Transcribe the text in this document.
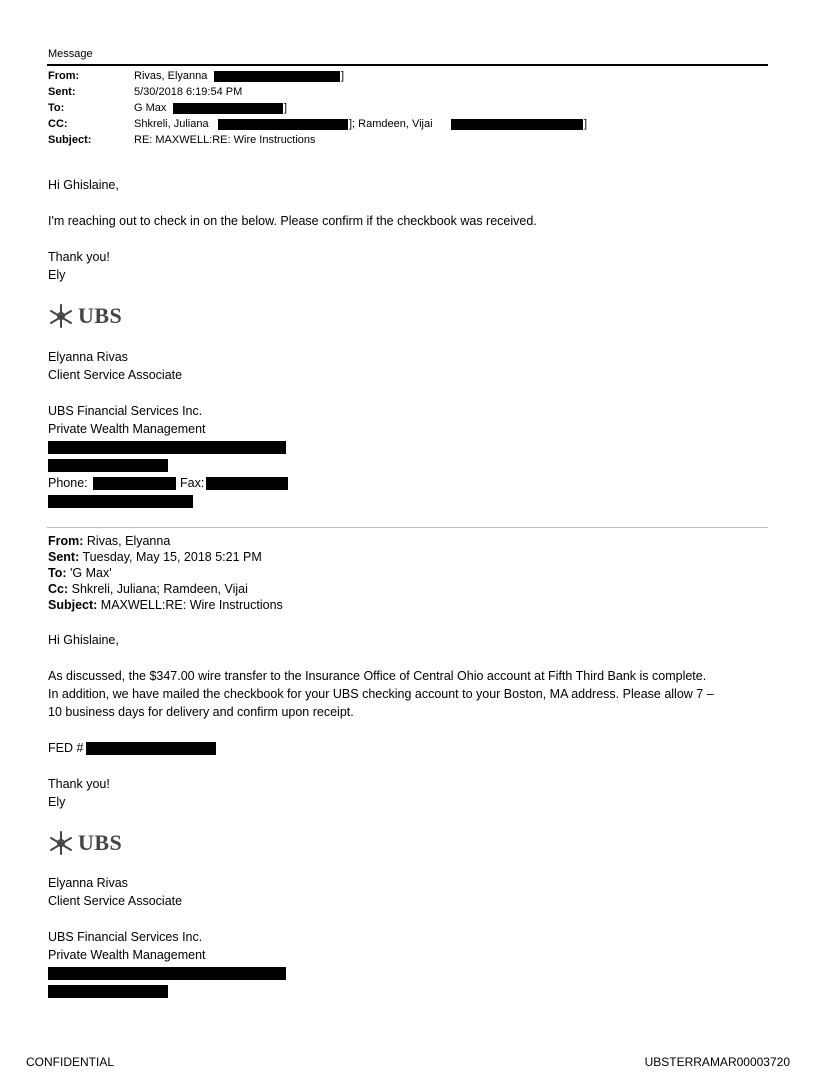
Message
From:	Rivas, Elyanna	]
Sent:	5/30/2018 6:19:54 PM
To:	G Max	]
CC:	Shkreli, Juliana	]; Ramdeen, Vijai	]
Subject:	RE: MAXWELL:RE: Wire Instructions
Hi Ghislaine,
I'm reaching out to check in on the below. Please confirm if the checkbook was received.
Thank you!
Ely
UBS
Elyanna Rivas
Client Service Associate
UBS Financial Services Inc.
Private Wealth Management
Phone:	Fax:
From: Rivas, Elyanna
Sent: Tuesday, May 15, 2018 5:21 PM
To: 'G Max'
Cc: Shkreli, Juliana; Ramdeen, Vijai
Subject: MAXWELL:RE: Wire Instructions
Hi Ghislaine,
As discussed, the $347.00 wire transfer to the Insurance Office of Central Ohio account at Fifth Third Bank is complete.
In addition, we have mailed the checkbook for your UBS checking account to your Boston, MA address. Please allow 7 –
10 business days for delivery and confirm upon receipt.
FED #
Thank you!
Ely
UBS
Elyanna Rivas
Client Service Associate
UBS Financial Services Inc.
Private Wealth Management
CONFIDENTIAL	UBSTERRAMAR00003720
